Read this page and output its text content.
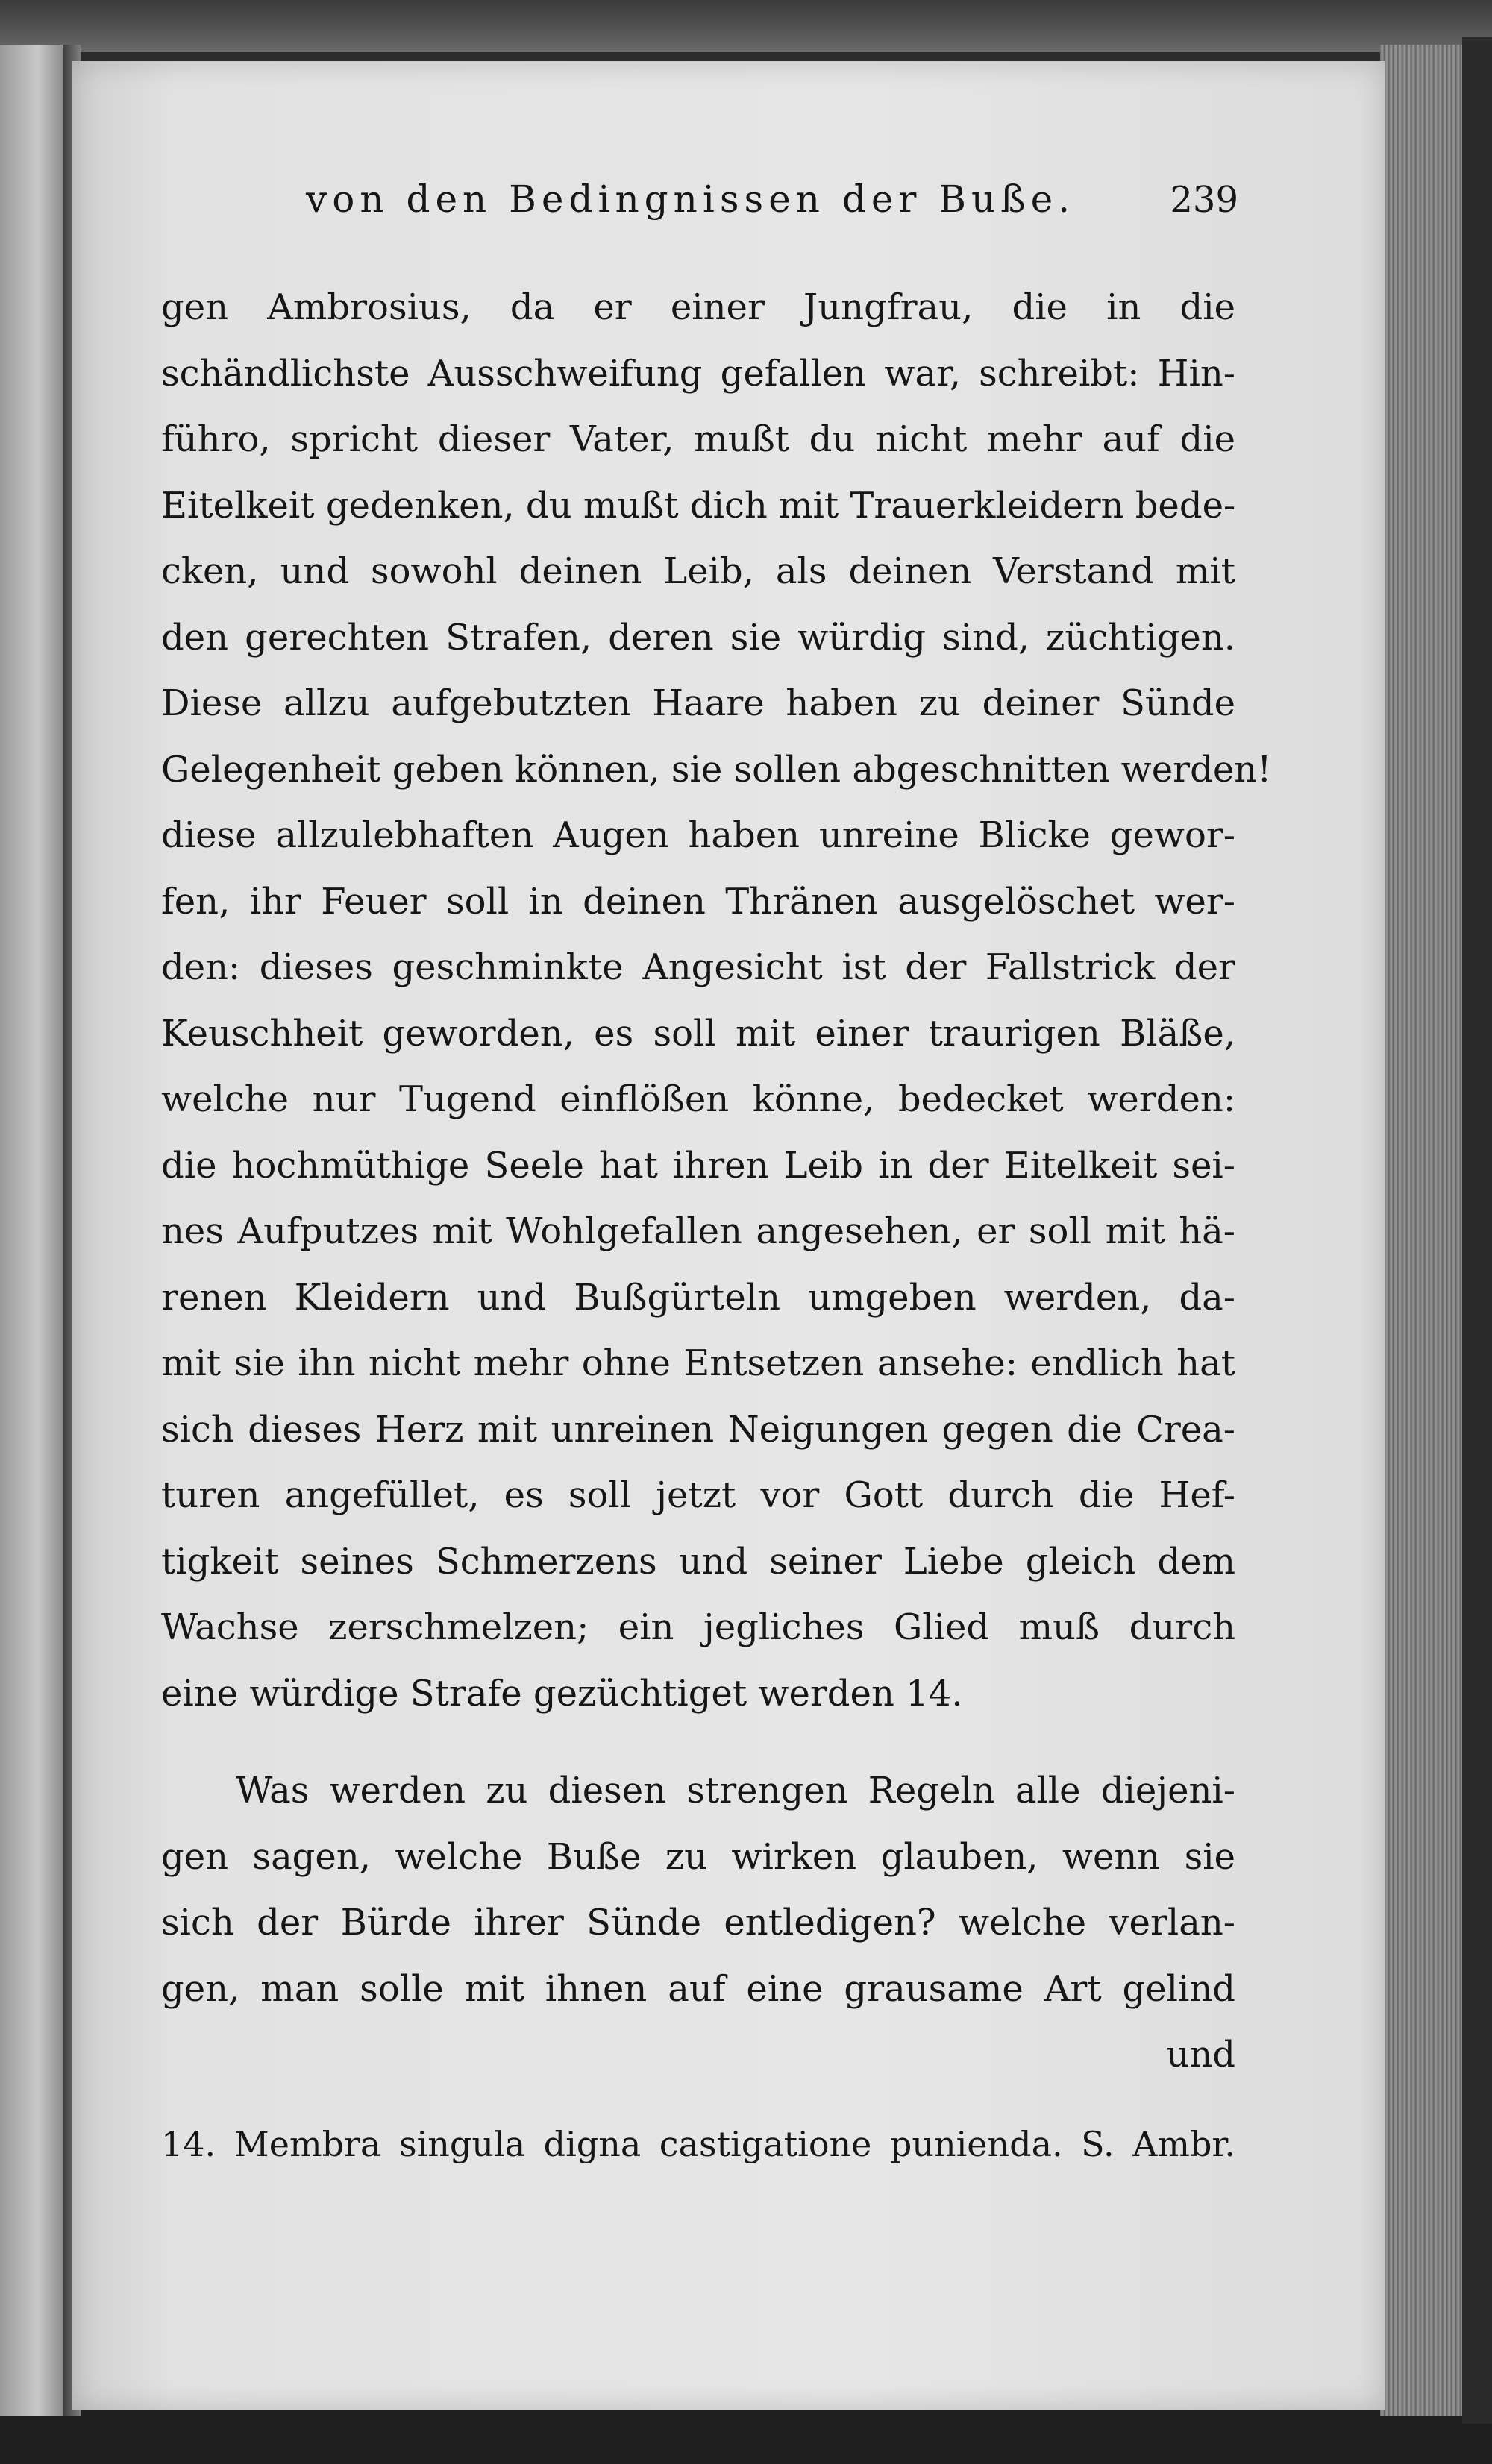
von den Bedingnissen der Buße.	239
gen Ambrosius, da er einer Jungfrau, die in die
schändlichste Ausschweifung gefallen war, schreibt: Hin-
führo, spricht dieser Vater, mußt du nicht mehr auf die
Eitelkeit gedenken, du mußt dich mit Trauerkleidern bede-
cken, und sowohl deinen Leib, als deinen Verstand mit
den gerechten Strafen, deren sie würdig sind, züchtigen.
Diese allzu aufgebutzten Haare haben zu deiner Sünde
Gelegenheit geben können, sie sollen abgeschnitten werden!
diese allzulebhaften Augen haben unreine Blicke gewor-
fen, ihr Feuer soll in deinen Thränen ausgelöschet wer-
den: dieses geschminkte Angesicht ist der Fallstrick der
Keuschheit geworden, es soll mit einer traurigen Bläße,
welche nur Tugend einflößen könne, bedecket werden:
die hochmüthige Seele hat ihren Leib in der Eitelkeit sei-
nes Aufputzes mit Wohlgefallen angesehen, er soll mit hä-
renen Kleidern und Bußgürteln umgeben werden, da-
mit sie ihn nicht mehr ohne Entsetzen ansehe: endlich hat
sich dieses Herz mit unreinen Neigungen gegen die Crea-
turen angefüllet, es soll jetzt vor Gott durch die Hef-
tigkeit seines Schmerzens und seiner Liebe gleich dem
Wachse zerschmelzen; ein jegliches Glied muß durch
eine würdige Strafe gezüchtiget werden 14.
Was werden zu diesen strengen Regeln alle diejeni-
gen sagen, welche Buße zu wirken glauben, wenn sie
sich der Bürde ihrer Sünde entledigen? welche verlan-
gen, man solle mit ihnen auf eine grausame Art gelind
und
14. Membra singula digna castigatione punienda. S. Ambr.
